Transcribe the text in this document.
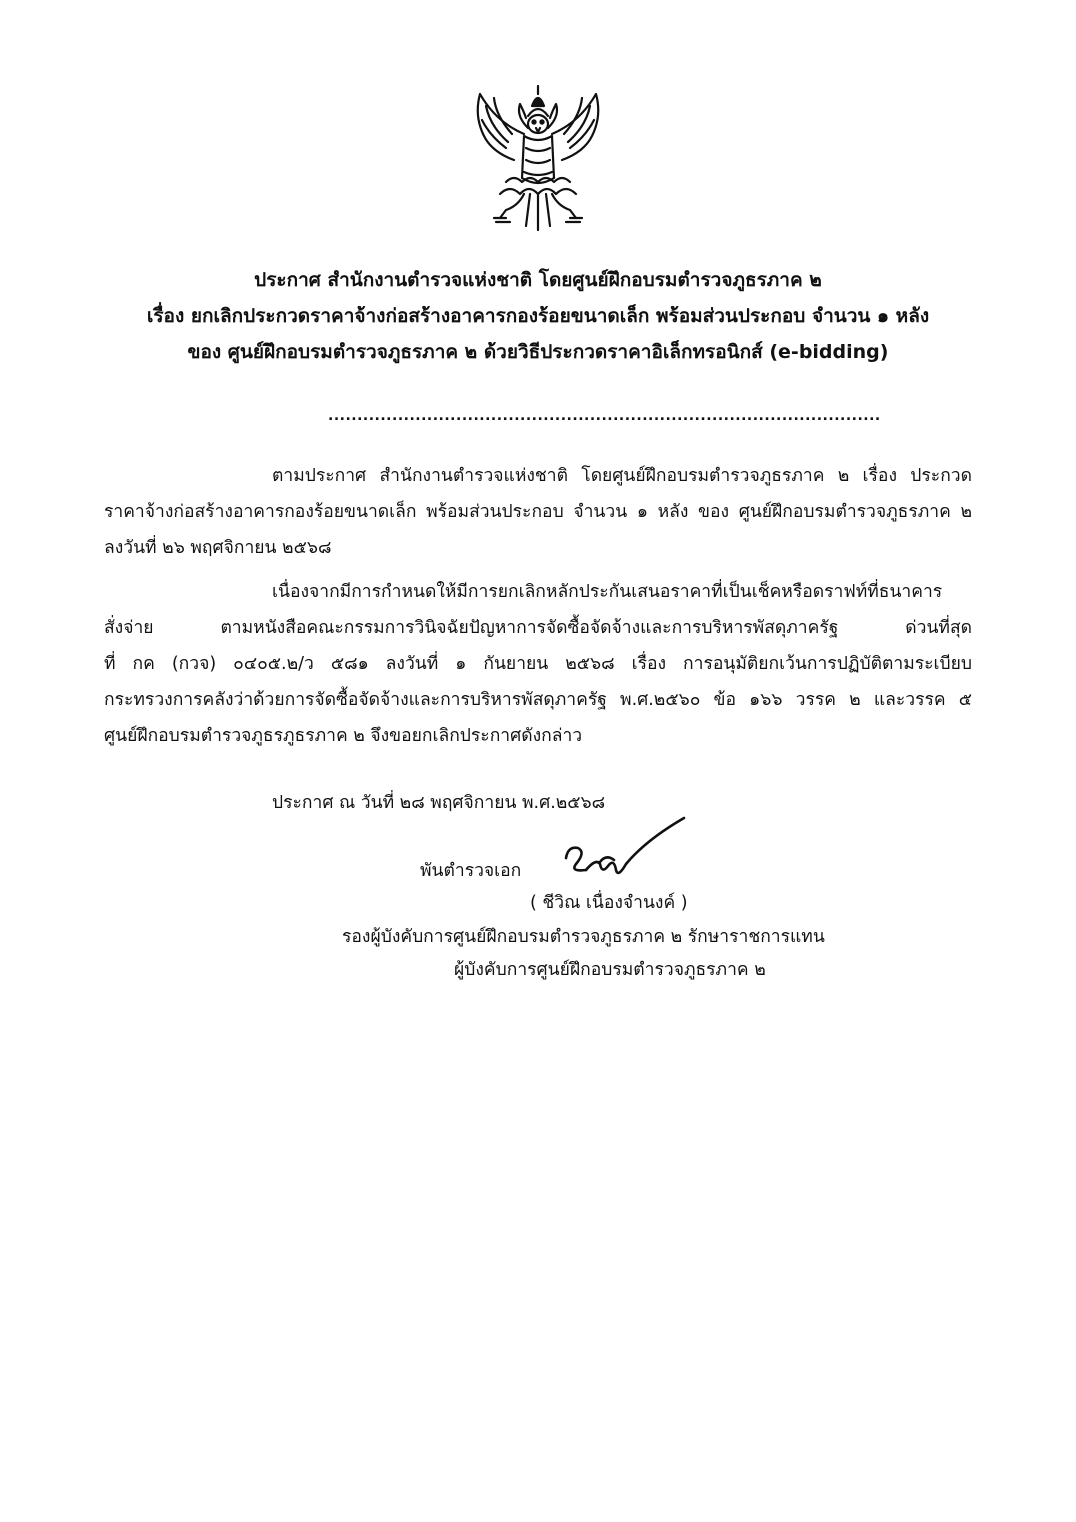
ประกาศ สำนักงานตำรวจแห่งชาติ โดยศูนย์ฝึกอบรมตำรวจภูธรภาค ๒
เรื่อง ยกเลิกประกวดราคาจ้างก่อสร้างอาคารกองร้อยขนาดเล็ก พร้อมส่วนประกอบ จำนวน ๑ หลัง
ของ ศูนย์ฝึกอบรมตำรวจภูธรภาค ๒ ด้วยวิธีประกวดราคาอิเล็กทรอนิกส์ (e-bidding)
...............................................................................................
ตามประกาศ สำนักงานตำรวจแห่งชาติ โดยศูนย์ฝึกอบรมตำรวจภูธรภาค ๒ เรื่อง ประกวด
ราคาจ้างก่อสร้างอาคารกองร้อยขนาดเล็ก พร้อมส่วนประกอบ จำนวน ๑ หลัง ของ ศูนย์ฝึกอบรมตำรวจภูธรภาค ๒
ลงวันที่ ๒๖ พฤศจิกายน ๒๕๖๘
เนื่องจากมีการกำหนดให้มีการยกเลิกหลักประกันเสนอราคาที่เป็นเช็คหรือดราฟท์ที่ธนาคาร
สั่งจ่าย ตามหนังสือคณะกรรมการวินิจฉัยปัญหาการจัดซื้อจัดจ้างและการบริหารพัสดุภาครัฐ ด่วนที่สุด
ที่ กค (กวจ) ๐๔๐๕.๒/ว ๕๘๑ ลงวันที่ ๑ กันยายน ๒๕๖๘ เรื่อง การอนุมัติยกเว้นการปฏิบัติตามระเบียบ
กระทรวงการคลังว่าด้วยการจัดซื้อจัดจ้างและการบริหารพัสดุภาครัฐ พ.ศ.๒๕๖๐ ข้อ ๑๖๖ วรรค ๒ และวรรค ๕
ศูนย์ฝึกอบรมตำรวจภูธรภูธรภาค ๒ จึงขอยกเลิกประกาศดังกล่าว
ประกาศ ณ วันที่ ๒๘ พฤศจิกายน พ.ศ.๒๕๖๘
พันตำรวจเอก
( ชีวิณ เนื่องจำนงค์ )
รองผู้บังคับการศูนย์ฝึกอบรมตำรวจภูธรภาค ๒ รักษาราชการแทน
ผู้บังคับการศูนย์ฝึกอบรมตำรวจภูธรภาค ๒
